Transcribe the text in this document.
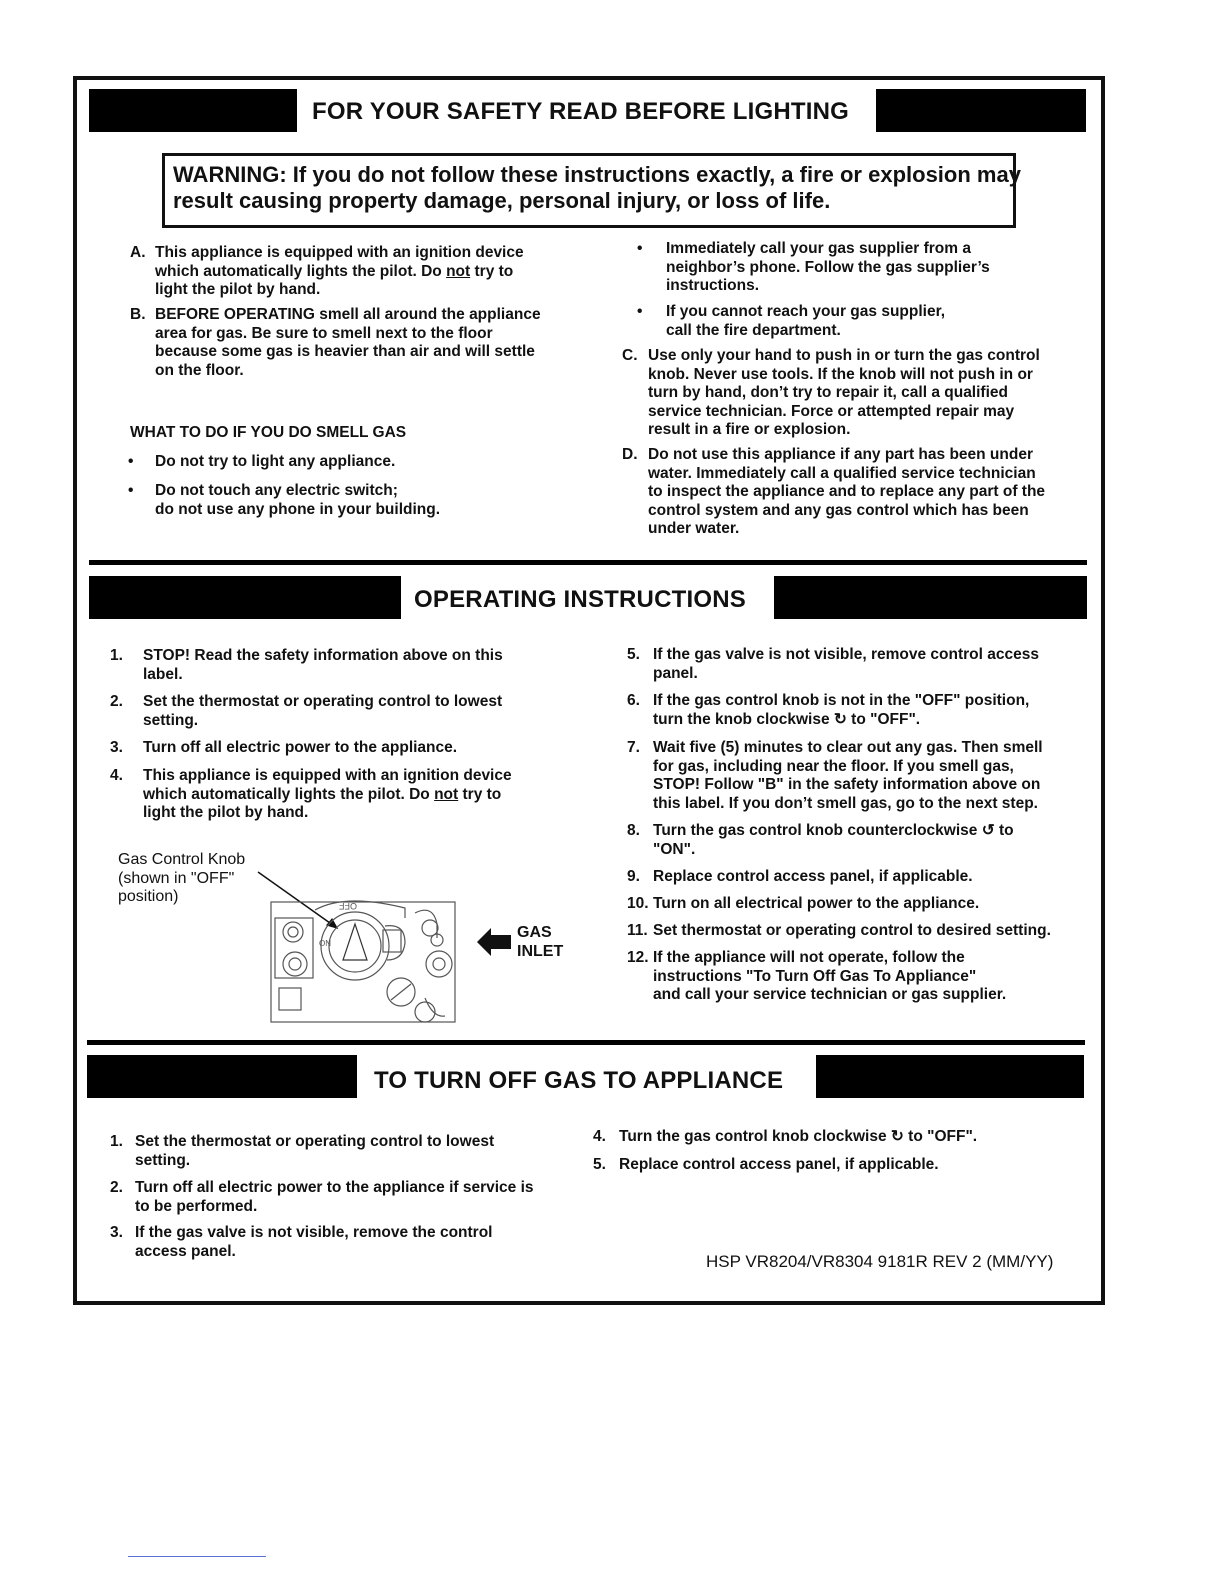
FOR YOUR SAFETY READ BEFORE LIGHTING
WARNING: If you do not follow these instructions exactly, a fire or explosion may
result causing property damage, personal injury, or loss of life.
A. This appliance is equipped with an ignition device
which automatically lights the pilot. Do not try to
light the pilot by hand.
B. BEFORE OPERATING smell all around the appliance
area for gas. Be sure to smell next to the floor
because some gas is heavier than air and will settle
on the floor.
WHAT TO DO IF YOU DO SMELL GAS
• Do not try to light any appliance.
• Do not touch any electric switch;
do not use any phone in your building.
• Immediately call your gas supplier from a
neighbor’s phone. Follow the gas supplier’s
instructions.
• If you cannot reach your gas supplier,
call the fire department.
C. Use only your hand to push in or turn the gas control
knob. Never use tools. If the knob will not push in or
turn by hand, don’t try to repair it, call a qualified
service technician. Force or attempted repair may
result in a fire or explosion.
D. Do not use this appliance if any part has been under
water. Immediately call a qualified service technician
to inspect the appliance and to replace any part of the
control system and any gas control which has been
under water.
OPERATING INSTRUCTIONS
1. STOP! Read the safety information above on this
label.
2. Set the thermostat or operating control to lowest
setting.
3. Turn off all electric power to the appliance.
4. This appliance is equipped with an ignition device
which automatically lights the pilot. Do not try to
light the pilot by hand.
Gas Control Knob
(shown in "OFF"
position)
OFF
ON
GAS
INLET
5. If the gas valve is not visible, remove control access
panel.
6. If the gas control knob is not in the "OFF" position,
turn the knob clockwise ↻ to "OFF".
7. Wait five (5) minutes to clear out any gas. Then smell
for gas, including near the floor. If you smell gas,
STOP! Follow "B" in the safety information above on
this label. If you don’t smell gas, go to the next step.
8. Turn the gas control knob counterclockwise ↺ to
"ON".
9. Replace control access panel, if applicable.
10. Turn on all electrical power to the appliance.
11. Set thermostat or operating control to desired setting.
12. If the appliance will not operate, follow the
instructions "To Turn Off Gas To Appliance"
and call your service technician or gas supplier.
TO TURN OFF GAS TO APPLIANCE
1. Set the thermostat or operating control to lowest
setting.
2. Turn off all electric power to the appliance if service is
to be performed.
3. If the gas valve is not visible, remove the control
access panel.
4. Turn the gas control knob clockwise ↻ to "OFF".
5. Replace control access panel, if applicable.
HSP VR8204/VR8304 9181R REV 2 (MM/YY)
